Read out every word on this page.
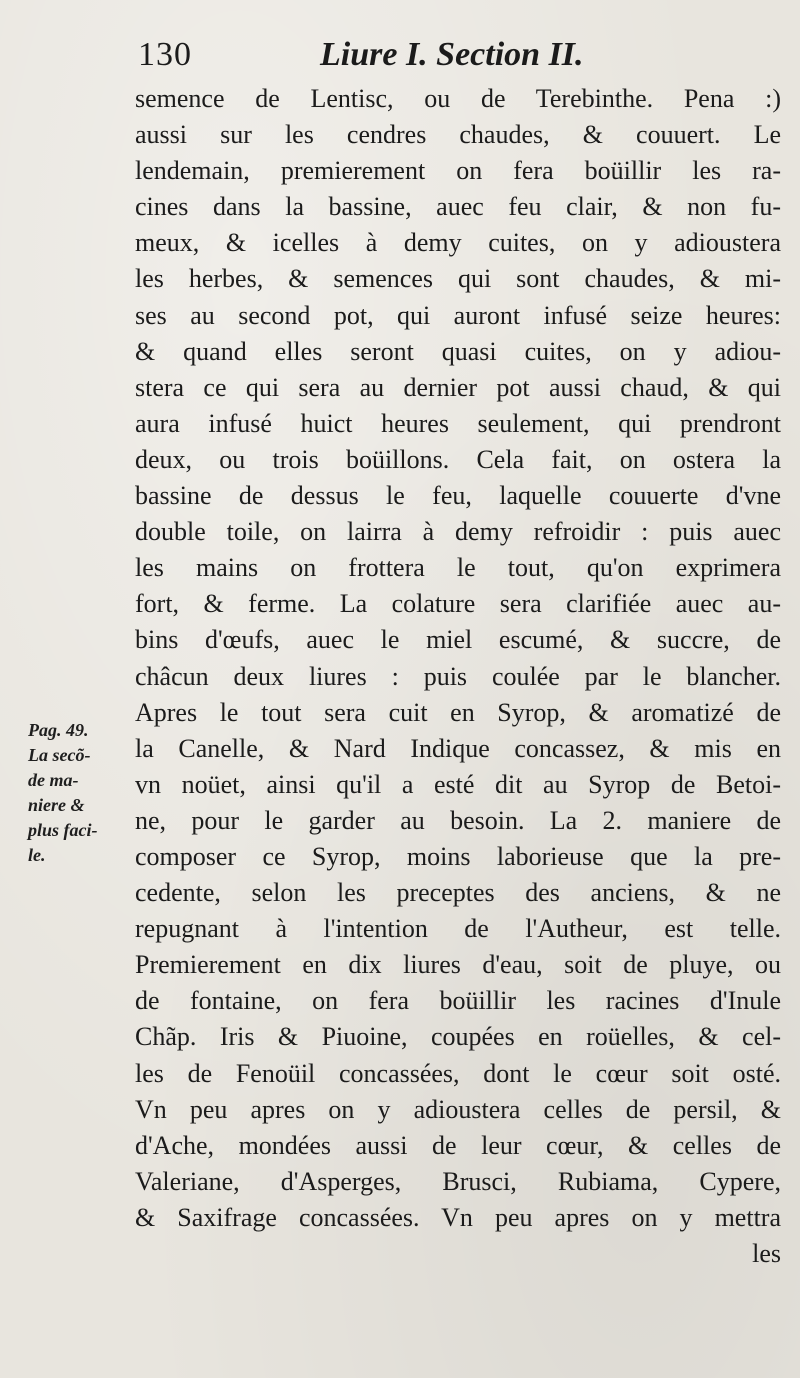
130	Liure I. Section II.
Pag. 49.
La secõ-
de ma-
niere &
plus faci-
le.
semence de Lentisc, ou de Terebinthe. Pena :)
aussi sur les cendres chaudes, & couuert. Le
lendemain, premierement on fera boüillir les ra-
cines dans la bassine, auec feu clair, & non fu-
meux, & icelles à demy cuites, on y adioustera
les herbes, & semences qui sont chaudes, & mi-
ses au second pot, qui auront infusé seize heures:
& quand elles seront quasi cuites, on y adiou-
stera ce qui sera au dernier pot aussi chaud, & qui
aura infusé huict heures seulement, qui prendront
deux, ou trois boüillons. Cela fait, on ostera la
bassine de dessus le feu, laquelle couuerte d'vne
double toile, on lairra à demy refroidir : puis auec
les mains on frottera le tout, qu'on exprimera
fort, & ferme. La colature sera clarifiée auec au-
bins d'œufs, auec le miel escumé, & succre, de
châcun deux liures : puis coulée par le blancher.
Apres le tout sera cuit en Syrop, & aromatizé de
la Canelle, & Nard Indique concassez, & mis en
vn noüet, ainsi qu'il a esté dit au Syrop de Betoi-
ne, pour le garder au besoin. La 2. maniere de
composer ce Syrop, moins laborieuse que la pre-
cedente, selon les preceptes des anciens, & ne
repugnant à l'intention de l'Autheur, est telle.
Premierement en dix liures d'eau, soit de pluye, ou
de fontaine, on fera boüillir les racines d'Inule
Chãp. Iris & Piuoine, coupées en roüelles, & cel-
les de Fenoüil concassées, dont le cœur soit osté.
Vn peu apres on y adioustera celles de persil, &
d'Ache, mondées aussi de leur cœur, & celles de
Valeriane, d'Asperges, Brusci, Rubiama, Cypere,
& Saxifrage concassées. Vn peu apres on y mettra
les
